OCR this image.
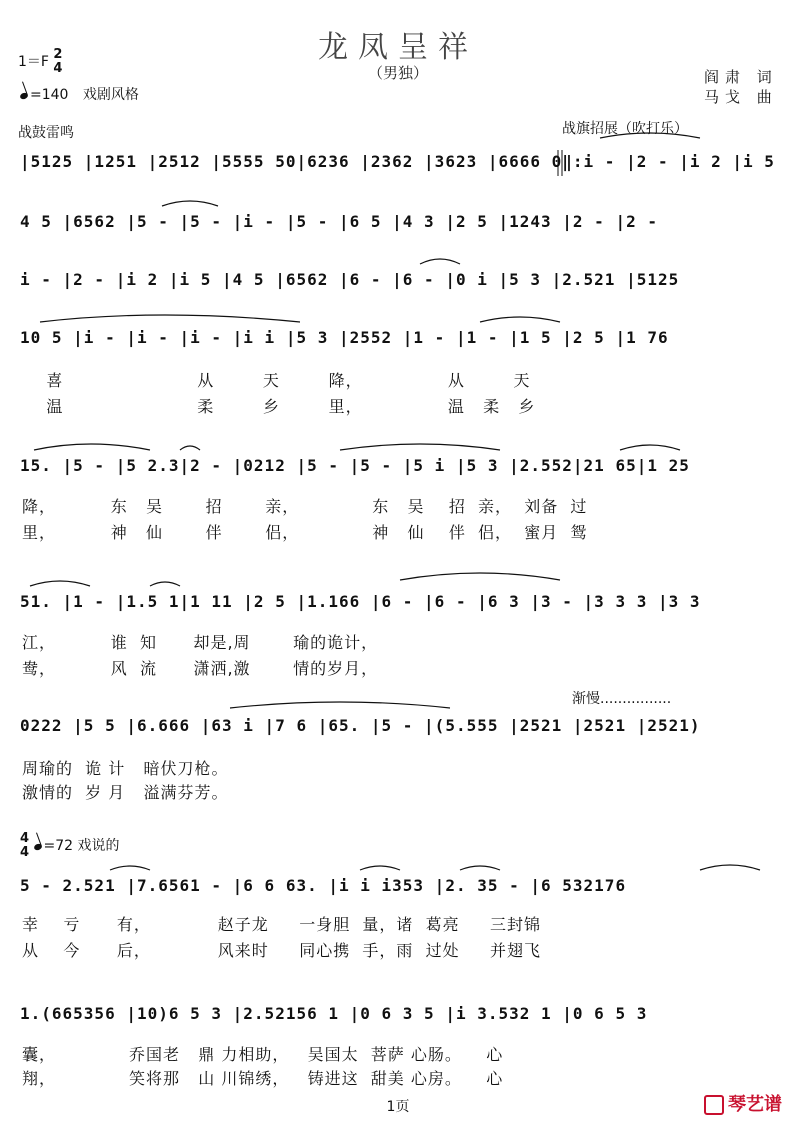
龙凤呈祥
（男独）
1＝F 2
4
=140 戏剧风格
阎肃 词
马戈 曲
战鼓雷鸣	战旗招展（吹打乐）
|5125 |1251 |2512 |5555 50|6236 |2362 |3623 |6666 0‖:i - |2 - |i 2 |i 5
4 5 |6562 |5 - |5 - |i - |5 - |6 5 |4 3 |2 5 |1243 |2 - |2 -
i - |2 - |i 2 |i 5 |4 5 |6562 |6 - |6 - |0 i |5 3 |2.521 |5125
10 5 |i - |i - |i - |i i |5 3 |2552 |1 - |1 - |1 5 |2 5 |1 76
喜                      从        天        降，              从        天
温                      柔        乡        里，              温   柔   乡
15. |5 - |5 2.3|2 - |0212 |5 - |5 - |5 i |5 3 |2.552|21 65|1 25
降，         东   吴       招       亲，            东   吴    招  亲，  刘备  过
里，         神   仙       伴       侣，            神   仙    伴  侣，  蜜月  鸳
51. |1 - |1.5 1|1 11 |2 5 |1.166 |6 - |6 - |6 3 |3 - |3 3 3 |3 3
江，         谁  知      却是,周       瑜的诡计，
鸯，         风  流      潇洒,激       情的岁月，
渐慢................
0222 |5 5 |6.666 |63 i |7 6 |65. |5 - |(5.555 |2521 |2521 |2521)
周瑜的  诡 计   暗伏刀枪。
激情的  岁 月   溢满芬芳。
4
4 =72 戏说的
5 - 2.521 |7.6561 - |6 6 63. |i i i353 |2. 35 - |6 532176
幸    亏      有，           赵子龙     一身胆  量，诸  葛亮     三封锦
从    今      后，           风来时     同心携  手，雨  过处     并翅飞
1.(665356 |10)6 5 3 |2.52156 1 |0 6 3 5 |i 3.532 1 |0 6 5 3
囊，            乔国老   鼎 力相助，   吴国太  菩萨 心肠。    心
翔，            笑将那   山 川锦绣，   铸进这  甜美 心房。    心
1页	琴艺谱
